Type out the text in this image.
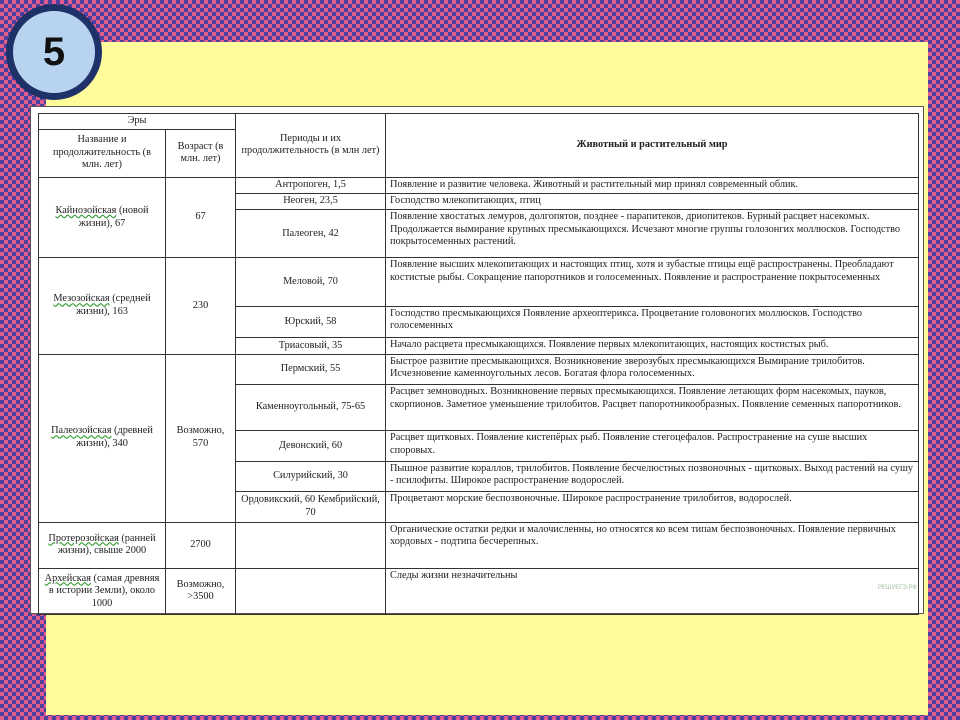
5
Эры		Периоды и их продолжительность (в млн лет)	Животный и растительный мир
Название и продолжительность (в млн. лет)	Возраст (в млн. лет)		
Кайнозойская (новой жизни), 67	67	Антропоген, 1,5	Появление и развитие человека. Животный и растительный мир принял современный облик.
		Неоген, 23,5	Господство млекопитающих, птиц
		Палеоген, 42	Появление хвостатых лемуров, долгопятов, позднее - парапитеков, дриопитеков. Бурный расцвет насекомых. Продолжается вымирание крупных пресмыкающихся. Исчезают многие группы голозонгих моллюсков. Господство покрытосеменных растений.
Мезозойская (средней жизни), 163	230	Меловой, 70	Появление высших млекопитающих и настоящих птиц, хотя и зубастые птицы ещё распространены. Преобладают костистые рыбы. Сокращение папоротников и голосеменных. Появление и распространение покрытосеменных
		Юрский, 58	Господство пресмыкающихся Появление археоптерикса. Процветание головоногих моллюсков. Господство голосеменных
		Триасовый, 35	Начало расцвета пресмыкающихся. Появление первых млекопитающих, настоящих костистых рыб.
Палеозойская (древней жизни), 340	Возможно, 570	Пермский, 55	Быстрое развитие пресмыкающихся. Возникновение зверозубых пресмыкающихся Вымирание трилобитов. Исчезновение каменноугольных лесов. Богатая флора голосеменных.
		Каменноугольный, 75-65	Расцвет земноводных. Возникновение первых пресмыкающихся. Появление летающих форм насекомых, пауков, скорпионов. Заметное уменьшение трилобитов. Расцвет папоротникообразных. Появление семенных папоротников.
		Девонский, 60	Расцвет щитковых. Появление кистепёрых рыб. Появление стегоцефалов. Распространение на суше высших споровых.
		Силурийский, 30	Пышное развитие кораллов, трилобитов. Появление бесчелюстных позвоночных - щитковых. Выход растений на сушу - псилофиты. Широкое распространение водорослей.
		Ордовикский, 60 Кембрийский, 70	Процветают морские беспозвоночные. Широкое распространение трилобитов, водорослей.
Протерозойская (ранней жизни), свыше 2000	2700		Органические остатки редки и малочисленны, но относятся ко всем типам беспозвоночных. Появление первичных хордовых - подтипа бесчерепных.
Архейская (самая древняя в истории Земли), около 1000	Возможно, >3500		Следы жизни незначительны
РЕШУЕГЭ.РФ
